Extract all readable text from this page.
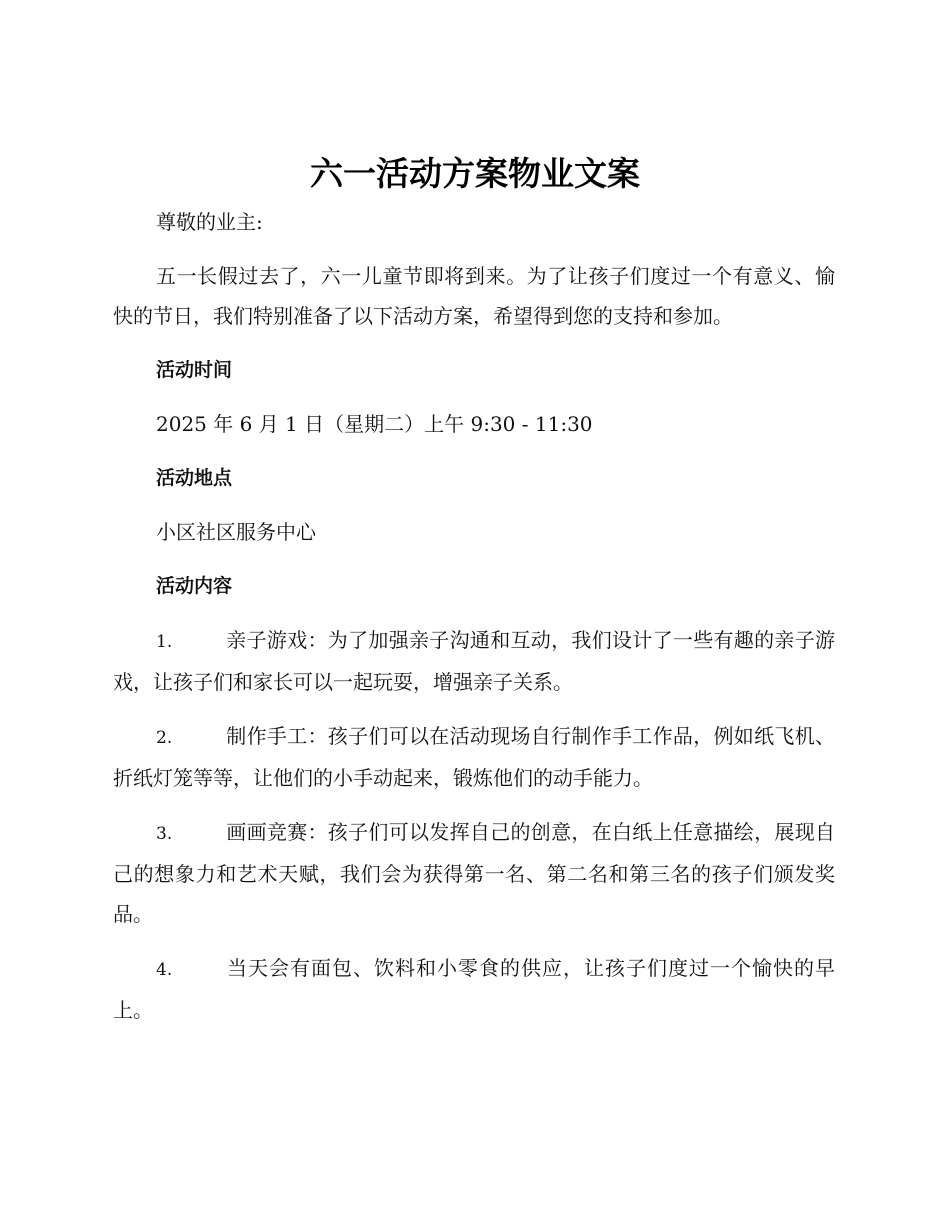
六一活动方案物业文案

尊敬的业主:

五一长假过去了，六一儿童节即将到来。为了让孩子们度过一个有意义、愉快的节日，我们特别准备了以下活动方案，希望得到您的支持和参加。

活动时间

2025 年 6 月 1 日（星期二）上午 9:30 - 11:30

活动地点

小区社区服务中心

活动内容

1.	亲子游戏：为了加强亲子沟通和互动，我们设计了一些有趣的亲子游戏，让孩子们和家长可以一起玩耍，增强亲子关系。

2.	制作手工：孩子们可以在活动现场自行制作手工作品，例如纸飞机、折纸灯笼等等，让他们的小手动起来，锻炼他们的动手能力。

3.	画画竞赛：孩子们可以发挥自己的创意，在白纸上任意描绘，展现自己的想象力和艺术天赋，我们会为获得第一名、第二名和第三名的孩子们颁发奖品。

4.	当天会有面包、饮料和小零食的供应，让孩子们度过一个愉快的早上。
